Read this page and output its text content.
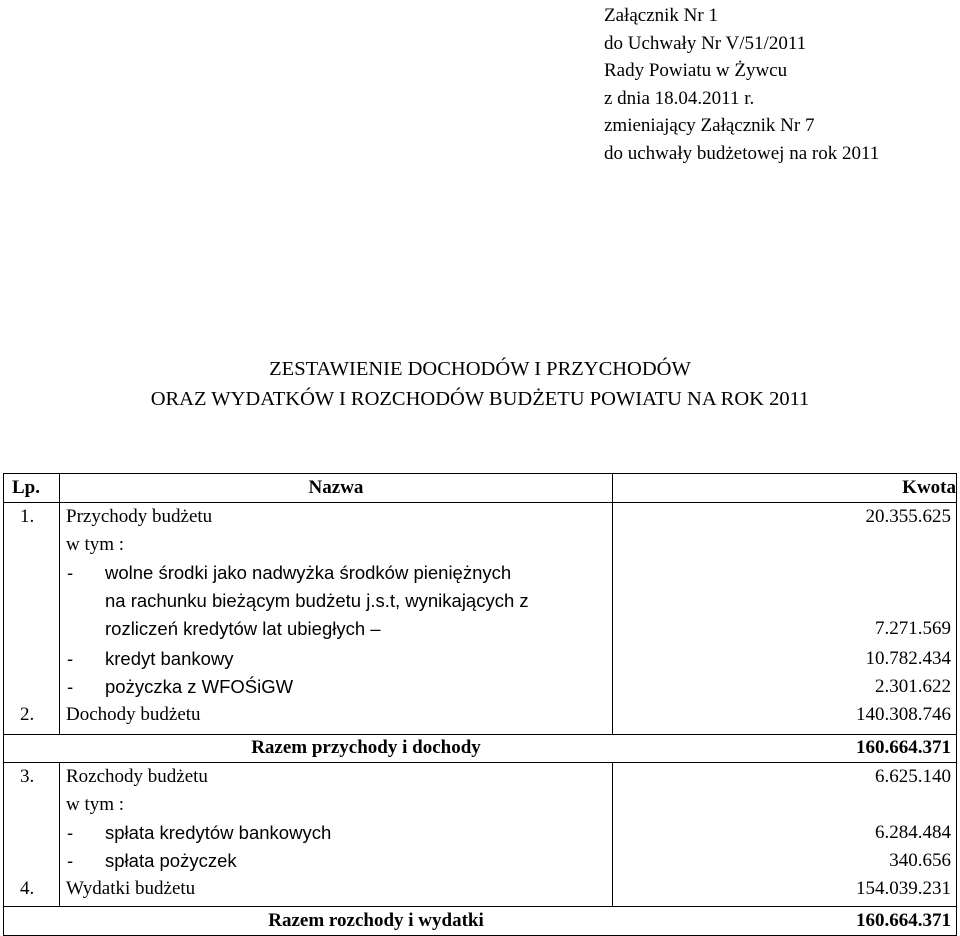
Załącznik Nr 1
do Uchwały Nr V/51/2011
Rady Powiatu w Żywcu
z dnia 18.04.2011 r.
zmieniający Załącznik Nr 7
do uchwały budżetowej na rok 2011
ZESTAWIENIE DOCHODÓW I PRZYCHODÓW
ORAZ WYDATKÓW I ROZCHODÓW BUDŻETU POWIATU NA ROK 2011
Lp.	Nazwa	Kwota
1. Przychody budżetu	20.355.625
w tym :
- wolne środki jako nadwyżka środków pieniężnych
na rachunku bieżącym budżetu j.s.t, wynikających z
rozliczeń kredytów lat ubiegłych –	7.271.569
- kredyt bankowy	10.782.434
- pożyczka z WFOŚiGW	2.301.622
2. Dochody budżetu	140.308.746
Razem przychody i dochody	160.664.371
3. Rozchody budżetu	6.625.140
w tym :
- spłata kredytów bankowych	6.284.484
- spłata pożyczek	340.656
4. Wydatki budżetu	154.039.231
Razem rozchody i wydatki	160.664.371
